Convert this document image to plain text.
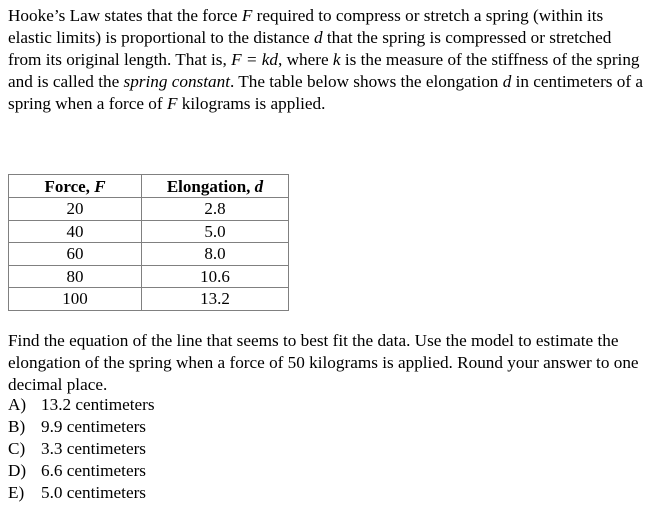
Hooke’s Law states that the force F required to compress or stretch a spring (within its elastic limits) is proportional to the distance d that the spring is compressed or stretched from its original length. That is, F = kd, where k is the measure of the stiffness of the spring and is called the spring constant. The table below shows the elongation d in centimeters of a spring when a force of F kilograms is applied.

Force, F	Elongation, d
20	2.8
40	5.0
60	8.0
80	10.6
100	13.2

Find the equation of the line that seems to best fit the data. Use the model to estimate the elongation of the spring when a force of 50 kilograms is applied. Round your answer to one decimal place.

A) 13.2 centimeters
B) 9.9 centimeters
C) 3.3 centimeters
D) 6.6 centimeters
E) 5.0 centimeters
